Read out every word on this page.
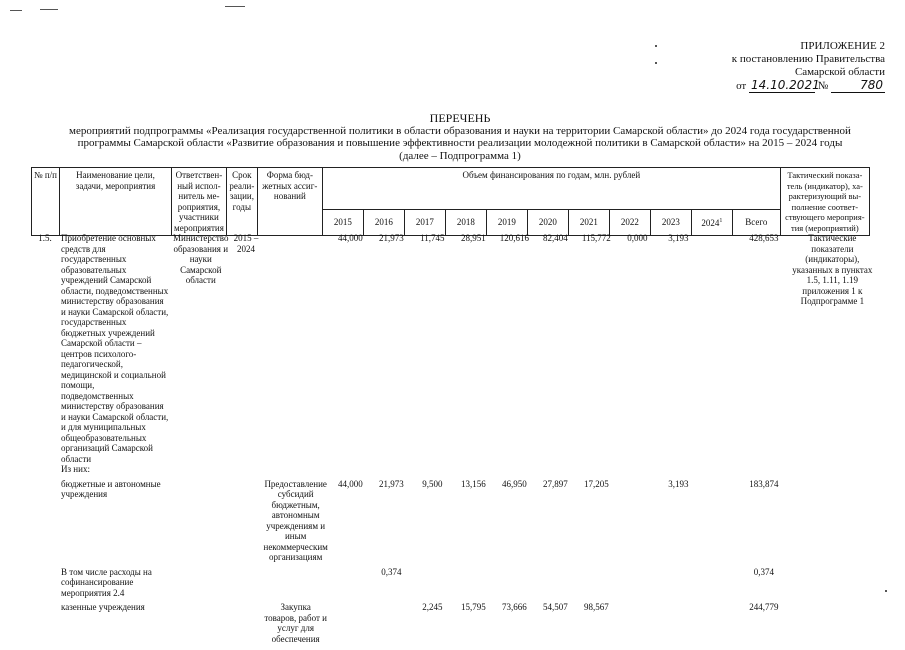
ПРИЛОЖЕНИЕ 2
к постановлению Правительства
Самарской области
от 14.10.2021 №	780
ПЕРЕЧЕНЬ
мероприятий подпрограммы «Реализация государственной политики в области образования и науки на территории Самарской области» до 2024 года государственной
программы Самарской области «Развитие образования и повышение эффективности реализации молодежной политики в Самарской области» на 2015 – 2024 годы
(далее – Подпрограмма 1)
№ п/п	Наименование цели, задачи, мероприятия	Ответствен-ный испол-нитель ме-роприятия, участники мероприятия	Срок реали-зации, годы	Форма бюд-жетных ассиг-нований	Объем финансирования по годам, млн. рублей											Тактический показа-тель (индикатор), ха-рактеризующий вы-полнение соответ-ствующего мероприя-тия (мероприятий)
					2015	2016	2017	2018	2019	2020	2021	2022	2023	2024$^1$	Всего	
1.5.	Приобретение основных средств для государственных образовательных учреждений Самарской области, подведомственных министерству образования и науки Самарской области, государственных бюджетных учреждений Самарской области – центров психолого-педагогической, медицинской и социальной помощи, подведомственных министерству образования и науки Самарской области, и для муниципальных общеобразовательных организаций Самарской области
Из них:	Министерство образования и науки Самарской области	2015 – 2024		44,000	21,973	11,745	28,951	120,616	82,404	115,772	0,000	3,193		428,653	Тактические показатели (индикаторы), указанных в пунктах 1.5, 1.11, 1.19 приложения 1 к Подпрограмме 1
	бюджетные и автономные учреждения			Предоставление субсидий бюджетным, автономным учреждениям и иным некоммерческим организациям	44,000	21,973	9,500	13,156	46,950	27,897	17,205		3,193		183,874	
	В том числе расходы на софинансирование мероприятия 2.4					0,374									0,374	
	казенные учреждения			Закупка товаров, работ и услуг для обеспечения			2,245	15,795	73,666	54,507	98,567				244,779	
